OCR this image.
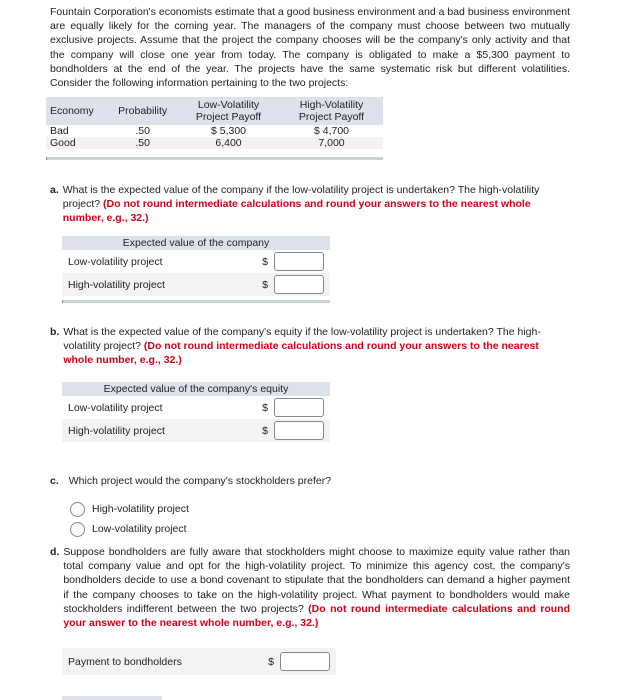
Fountain Corporation's economists estimate that a good business environment and a bad business environment are equally likely for the coming year. The managers of the company must choose between two mutually exclusive projects. Assume that the project the company chooses will be the company's only activity and that the company will close one year from today. The company is obligated to make a $5,300 payment to bondholders at the end of the year. The projects have the same systematic risk but different volatilities. Consider the following information pertaining to the two projects:

Economy	Probability	Low-Volatility Project Payoff	High-Volatility Project Payoff
Bad	.50	$ 5,300	$ 4,700
Good	.50	6,400	7,000
a. What is the expected value of the company if the low-volatility project is undertaken? The high-volatility project? (Do not round intermediate calculations and round your answers to the nearest whole number, e.g., 32.)

Expected value of the company
Low-volatility project	$
High-volatility project	$
b. What is the expected value of the company's equity if the low-volatility project is undertaken? The high-volatility project? (Do not round intermediate calculations and round your answers to the nearest whole number, e.g., 32.)

Expected value of the company's equity
Low-volatility project	$
High-volatility project	$
c. Which project would the company's stockholders prefer?
High-volatility project
Low-volatility project
d. Suppose bondholders are fully aware that stockholders might choose to maximize equity value rather than total company value and opt for the high-volatility project. To minimize this agency cost, the company's bondholders decide to use a bond covenant to stipulate that the bondholders can demand a higher payment if the company chooses to take on the high-volatility project. What payment to bondholders would make stockholders indifferent between the two projects? (Do not round intermediate calculations and round your answer to the nearest whole number, e.g., 32.)

Payment to bondholders	$
